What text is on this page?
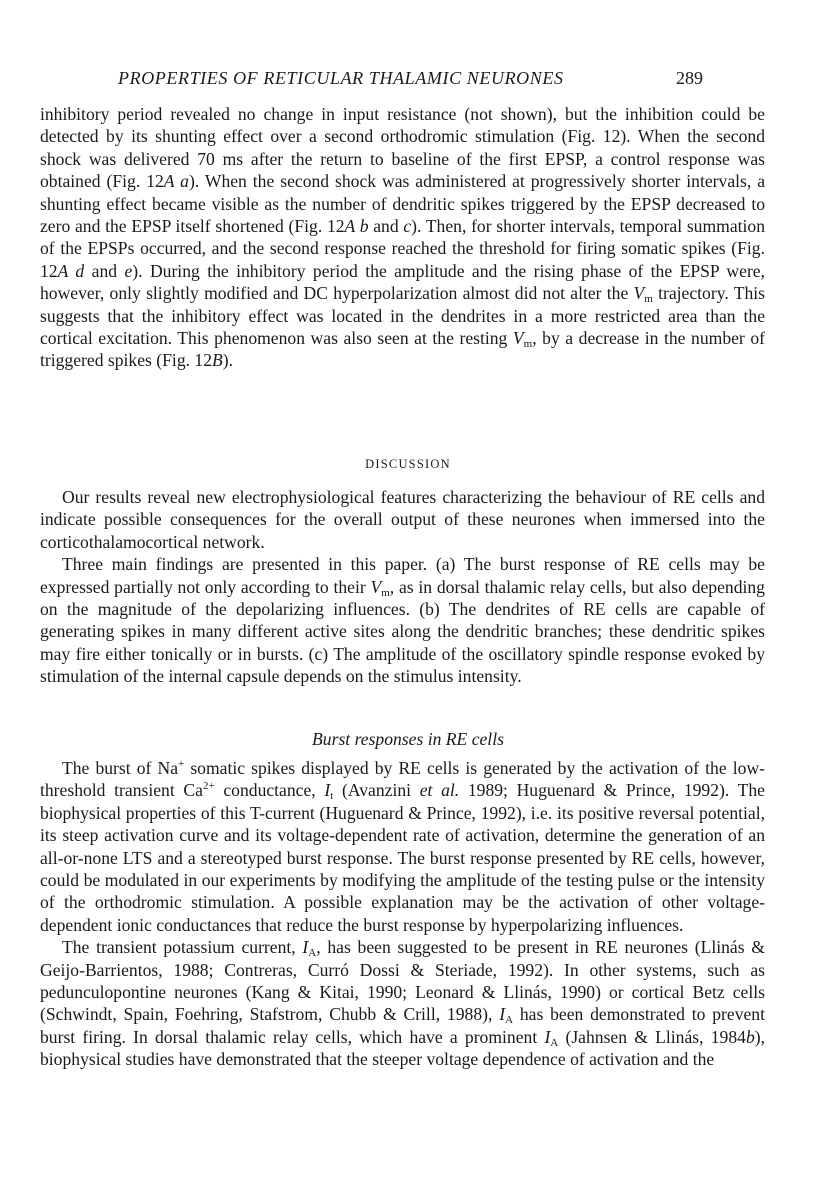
PROPERTIES OF RETICULAR THALAMIC NEURONES	289

inhibitory period revealed no change in input resistance (not shown), but the inhibition could be detected by its shunting effect over a second orthodromic stimulation (Fig. 12). When the second shock was delivered 70 ms after the return to baseline of the first EPSP, a control response was obtained (Fig. 12A a). When the second shock was administered at progressively shorter intervals, a shunting effect became visible as the number of dendritic spikes triggered by the EPSP decreased to zero and the EPSP itself shortened (Fig. 12A b and c). Then, for shorter intervals, temporal summation of the EPSPs occurred, and the second response reached the threshold for firing somatic spikes (Fig. 12A d and e). During the inhibitory period the amplitude and the rising phase of the EPSP were, however, only slightly modified and DC hyperpolarization almost did not alter the $V_m$ trajectory. This suggests that the inhibitory effect was located in the dendrites in a more restricted area than the cortical excitation. This phenomenon was also seen at the resting $V_m$, by a decrease in the number of triggered spikes (Fig. 12B).

DISCUSSION

Our results reveal new electrophysiological features characterizing the behaviour of RE cells and indicate possible consequences for the overall output of these neurones when immersed into the corticothalamocortical network.

Three main findings are presented in this paper. (a) The burst response of RE cells may be expressed partially not only according to their $V_m$, as in dorsal thalamic relay cells, but also depending on the magnitude of the depolarizing influences. (b) The dendrites of RE cells are capable of generating spikes in many different active sites along the dendritic branches; these dendritic spikes may fire either tonically or in bursts. (c) The amplitude of the oscillatory spindle response evoked by stimulation of the internal capsule depends on the stimulus intensity.

Burst responses in RE cells

The burst of Na+ somatic spikes displayed by RE cells is generated by the activation of the low-threshold transient $Ca^{2+}$ conductance, $I_t$ (Avanzini et al. 1989; Huguenard & Prince, 1992). The biophysical properties of this T-current (Huguenard & Prince, 1992), i.e. its positive reversal potential, its steep activation curve and its voltage-dependent rate of activation, determine the generation of an all-or-none LTS and a stereotyped burst response. The burst response presented by RE cells, however, could be modulated in our experiments by modifying the amplitude of the testing pulse or the intensity of the orthodromic stimulation. A possible explanation may be the activation of other voltage-dependent ionic conductances that reduce the burst response by hyperpolarizing influences.

The transient potassium current, $I_A$, has been suggested to be present in RE neurones (Llinás & Geijo-Barrientos, 1988; Contreras, Curró Dossi & Steriade, 1992). In other systems, such as pedunculopontine neurones (Kang & Kitai, 1990; Leonard & Llinás, 1990) or cortical Betz cells (Schwindt, Spain, Foehring, Stafstrom, Chubb & Crill, 1988), $I_A$ has been demonstrated to prevent burst firing. In dorsal thalamic relay cells, which have a prominent $I_A$ (Jahnsen & Llinás, 1984b), biophysical studies have demonstrated that the steeper voltage dependence of activation and the
